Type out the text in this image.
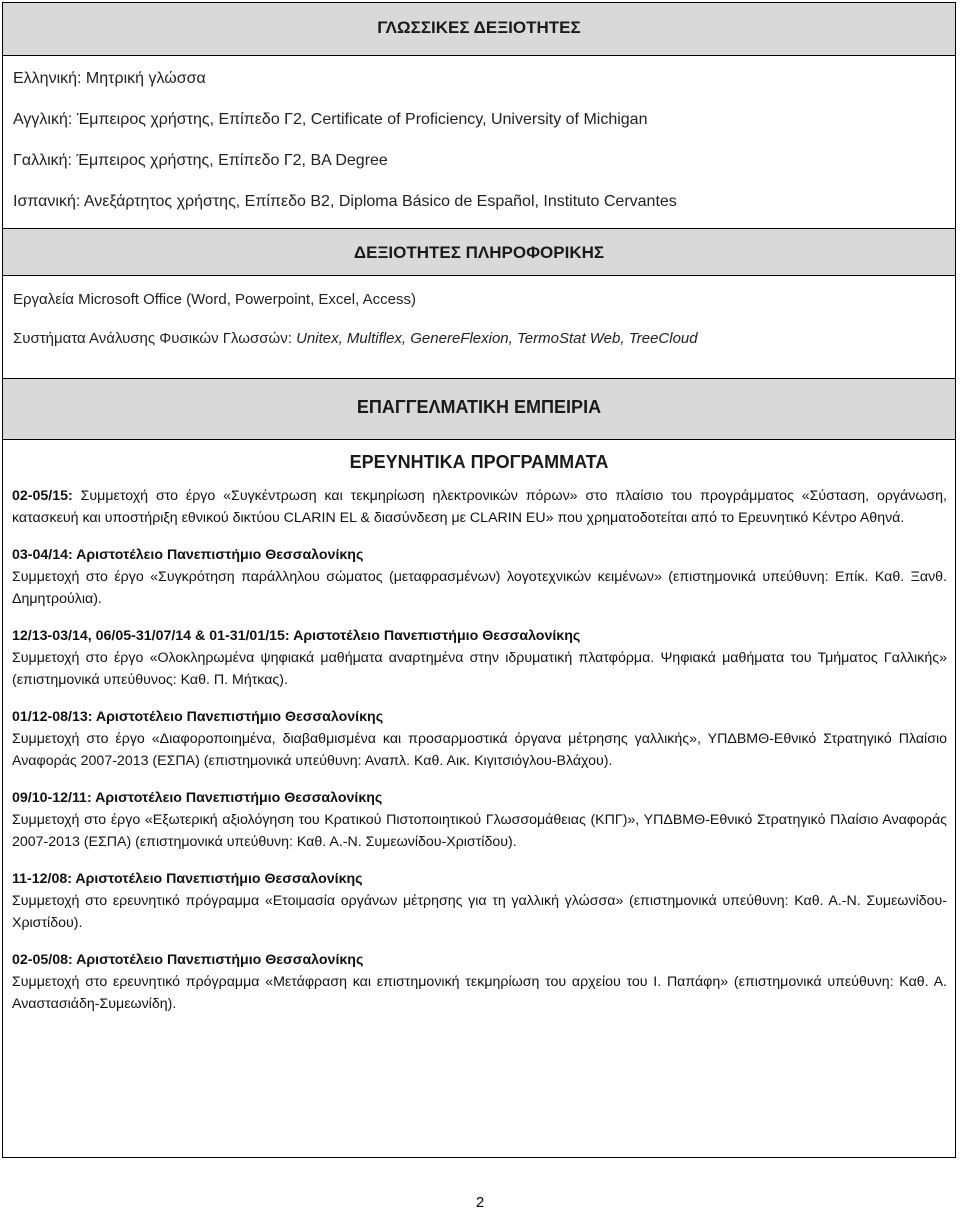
ΓΛΩΣΣΙΚΕΣ ΔΕΞΙΟΤΗΤΕΣ
Ελληνική: Μητρική γλώσσα
Αγγλική: Έμπειρος χρήστης, Επίπεδο Γ2, Certificate of Proficiency, University of Michigan
Γαλλική: Έμπειρος χρήστης, Επίπεδο Γ2, BA Degree
Ισπανική: Ανεξάρτητος χρήστης, Επίπεδο Β2, Diploma Básico de Español, Instituto Cervantes
ΔΕΞΙΟΤΗΤΕΣ ΠΛΗΡΟΦΟΡΙΚΗΣ
Εργαλεία Microsoft Office (Word, Powerpoint, Excel, Access)
Συστήματα Ανάλυσης Φυσικών Γλωσσών: Unitex, Multiflex, GenereFlexion, TermoStat Web, TreeCloud
ΕΠΑΓΓΕΛΜΑΤΙΚΗ ΕΜΠΕΙΡΙΑ
ΕΡΕΥΝΗΤΙΚΑ ΠΡΟΓΡΑΜΜΑΤΑ
02-05/15: Συμμετοχή στο έργο «Συγκέντρωση και τεκμηρίωση ηλεκτρονικών πόρων» στο πλαίσιο του προγράμματος «Σύσταση, οργάνωση, κατασκευή και υποστήριξη εθνικού δικτύου CLARIN EL & διασύνδεση με CLARIN EU» που χρηματοδοτείται από το Ερευνητικό Κέντρο Αθηνά.
03-04/14: Αριστοτέλειο Πανεπιστήμιο Θεσσαλονίκης
Συμμετοχή στο έργο «Συγκρότηση παράλληλου σώματος (μεταφρασμένων) λογοτεχνικών κειμένων» (επιστημονικά υπεύθυνη: Επίκ. Καθ. Ξανθ. Δημητρούλια).
12/13-03/14, 06/05-31/07/14 & 01-31/01/15: Αριστοτέλειο Πανεπιστήμιο Θεσσαλονίκης
Συμμετοχή στο έργο «Ολοκληρωμένα ψηφιακά μαθήματα αναρτημένα στην ιδρυματική πλατφόρμα. Ψηφιακά μαθήματα του Τμήματος Γαλλικής» (επιστημονικά υπεύθυνος: Καθ. Π. Μήτκας).
01/12-08/13: Αριστοτέλειο Πανεπιστήμιο Θεσσαλονίκης
Συμμετοχή στο έργο «Διαφοροποιημένα, διαβαθμισμένα και προσαρμοστικά όργανα μέτρησης γαλλικής», ΥΠΔΒΜΘ-Εθνικό Στρατηγικό Πλαίσιο Αναφοράς 2007-2013 (ΕΣΠΑ) (επιστημονικά υπεύθυνη: Αναπλ. Καθ. Αικ. Κιγιτσιόγλου-Βλάχου).
09/10-12/11: Αριστοτέλειο Πανεπιστήμιο Θεσσαλονίκης
Συμμετοχή στο έργο «Εξωτερική αξιολόγηση του Κρατικού Πιστοποιητικού Γλωσσομάθειας (ΚΠΓ)», ΥΠΔΒΜΘ-Εθνικό Στρατηγικό Πλαίσιο Αναφοράς 2007-2013 (ΕΣΠΑ) (επιστημονικά υπεύθυνη: Καθ. Α.-Ν. Συμεωνίδου-Χριστίδου).
11-12/08: Αριστοτέλειο Πανεπιστήμιο Θεσσαλονίκης
Συμμετοχή στο ερευνητικό πρόγραμμα «Ετοιμασία οργάνων μέτρησης για τη γαλλική γλώσσα» (επιστημονικά υπεύθυνη: Καθ. Α.-Ν. Συμεωνίδου-Χριστίδου).
02-05/08: Αριστοτέλειο Πανεπιστήμιο Θεσσαλονίκης
Συμμετοχή στο ερευνητικό πρόγραμμα «Μετάφραση και επιστημονική τεκμηρίωση του αρχείου του Ι. Παπάφη» (επιστημονικά υπεύθυνη: Καθ. Α. Αναστασιάδη-Συμεωνίδη).
2
